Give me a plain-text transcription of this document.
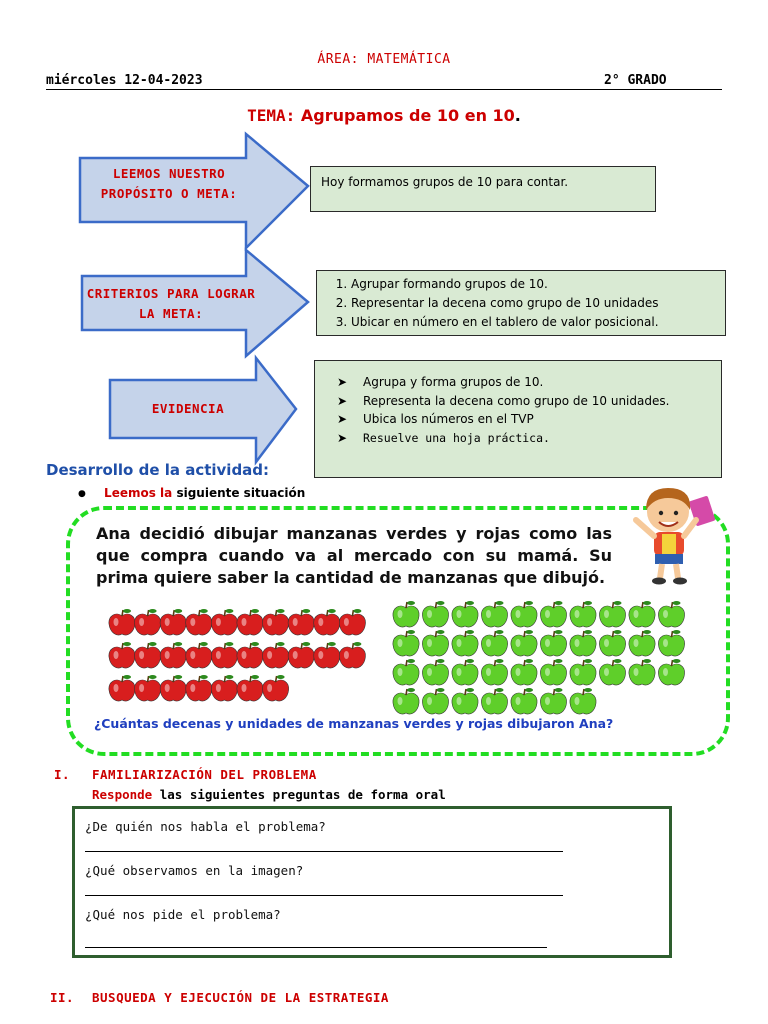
ÁREA: MATEMÁTICA
miércoles 12-04-2023	2° GRADO
TEMA: Agrupamos de 10 en 10.
LEEMOS NUESTRO PROPÓSITO O META:
CRITERIOS PARA LOGRAR LA META:
EVIDENCIA
Hoy formamos grupos de 10 para contar.
1. Agrupar formando grupos de 10.
2. Representar la decena como grupo de 10 unidades
3. Ubicar en número en el tablero de valor posicional.
➤ Agrupa y forma grupos de 10.
➤ Representa la decena como grupo de 10 unidades.
➤ Ubica los números en el TVP
➤ Resuelve una hoja práctica.
Desarrollo de la actividad:
● Leemos la siguiente situación
Ana decidió dibujar manzanas verdes y rojas como las que compra cuando va al mercado con su mamá. Su prima quiere saber la cantidad de manzanas que dibujó.
¿Cuántas decenas y unidades de manzanas verdes y rojas dibujaron Ana?
I. FAMILIARIZACIÓN DEL PROBLEMA
Responde las siguientes preguntas de forma oral
¿De quién nos habla el problema?
¿Qué observamos en la imagen?
¿Qué nos pide el problema?
II. BUSQUEDA Y EJECUCIÓN DE LA ESTRATEGIA
